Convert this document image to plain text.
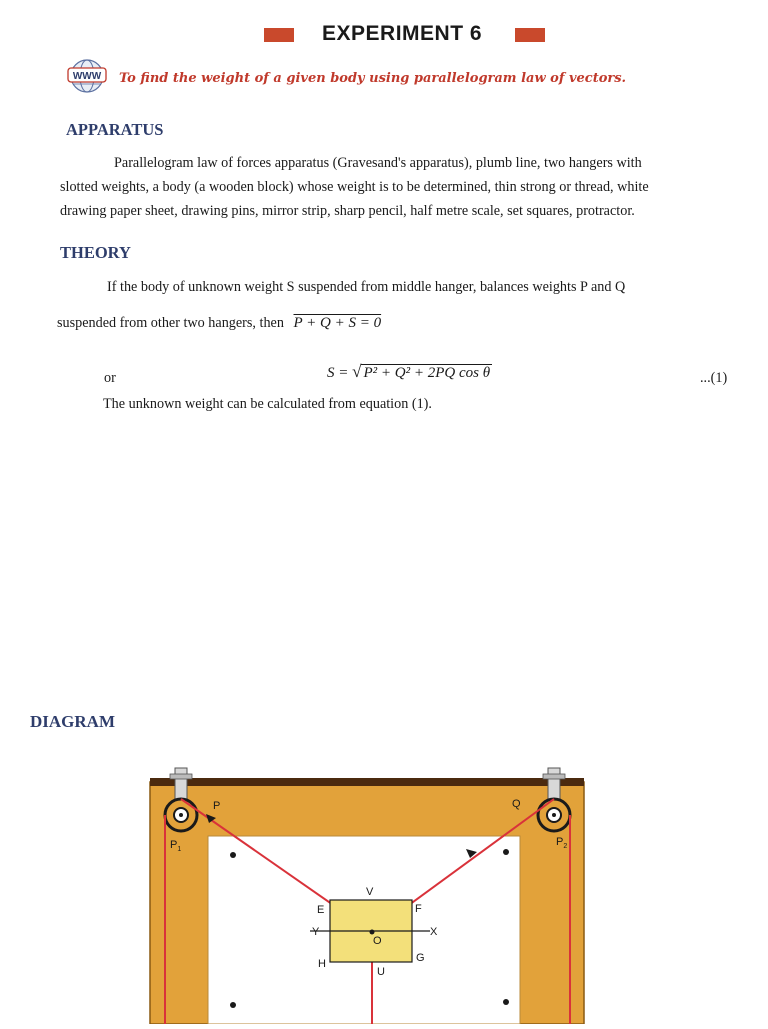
EXPERIMENT 6
WWW To find the weight of a given body using parallelogram law of vectors.
APPARATUS
Parallelogram law of forces apparatus (Gravesand's apparatus), plumb line, two hangers with
slotted weights, a body (a wooden block) whose weight is to be determined, thin strong or thread, white
drawing paper sheet, drawing pins, mirror strip, sharp pencil, half metre scale, set squares, protractor.
THEORY
If the body of unknown weight S suspended from middle hanger, balances weights P and Q
suspended from other two hangers, then P + Q + S = 0
or	S = √ P² + Q² + 2PQ cos θ	...(1)
The unknown weight can be calculated from equation (1).
DIAGRAM
P	Q
$P_1$
$P_2$
V
E	F
Y	X
O
H	G
U
